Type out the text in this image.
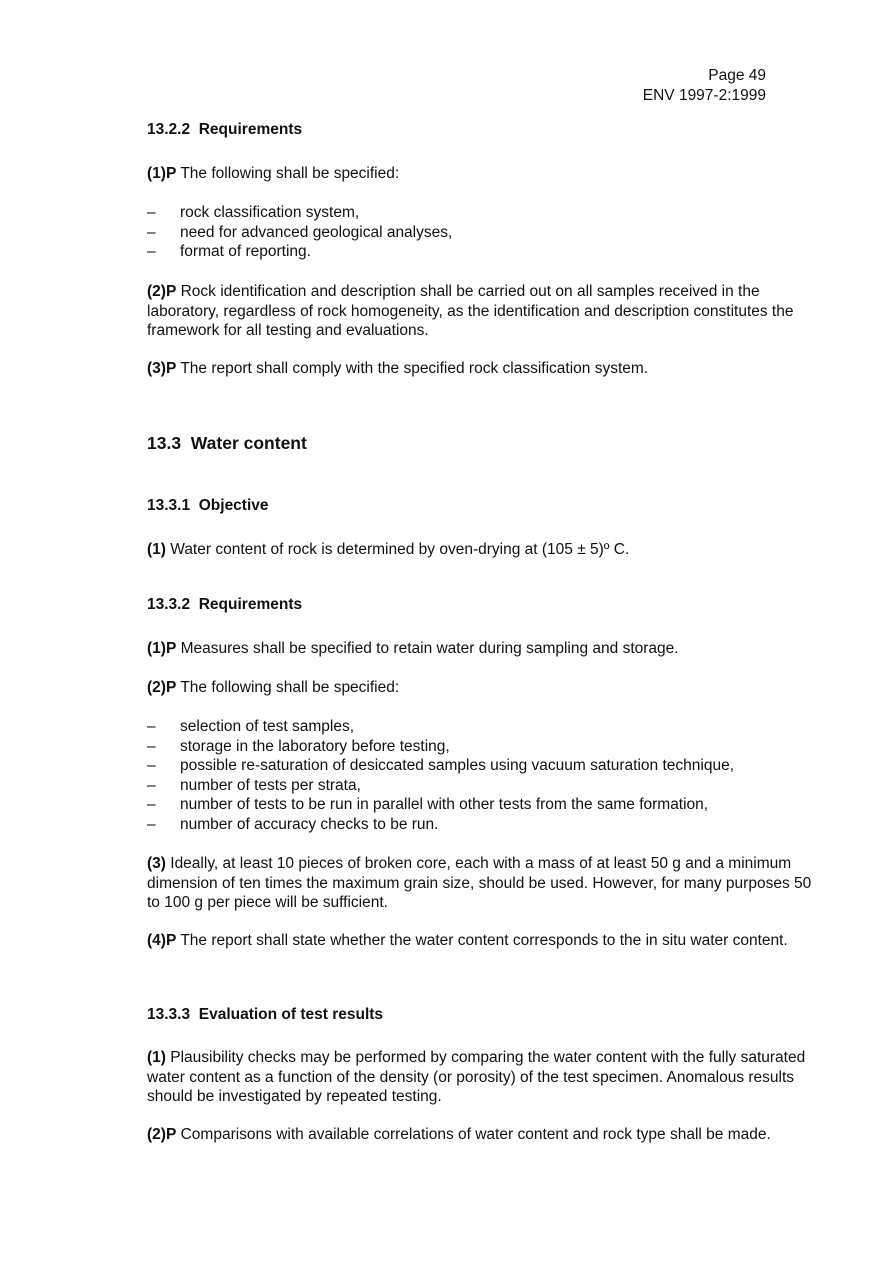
Page 49
ENV 1997-2:1999
13.2.2 Requirements

(1)P The following shall be specified:

– rock classification system,
– need for advanced geological analyses,
– format of reporting.

(2)P Rock identification and description shall be carried out on all samples received in the laboratory, regardless of rock homogeneity, as the identification and description constitutes the framework for all testing and evaluations.

(3)P The report shall comply with the specified rock classification system.

13.3 Water content
13.3.1 Objective

(1) Water content of rock is determined by oven-drying at (105 ± 5)º C.

13.3.2 Requirements

(1)P Measures shall be specified to retain water during sampling and storage.

(2)P The following shall be specified:

– selection of test samples,
– storage in the laboratory before testing,
– possible re-saturation of desiccated samples using vacuum saturation technique,
– number of tests per strata,
– number of tests to be run in parallel with other tests from the same formation,
– number of accuracy checks to be run.

(3) Ideally, at least 10 pieces of broken core, each with a mass of at least 50 g and a minimum dimension of ten times the maximum grain size, should be used. However, for many purposes 50 to 100 g per piece will be sufficient.

(4)P The report shall state whether the water content corresponds to the in situ water content.

13.3.3 Evaluation of test results

(1) Plausibility checks may be performed by comparing the water content with the fully saturated water content as a function of the density (or porosity) of the test specimen. Anomalous results should be investigated by repeated testing.

(2)P Comparisons with available correlations of water content and rock type shall be made.
